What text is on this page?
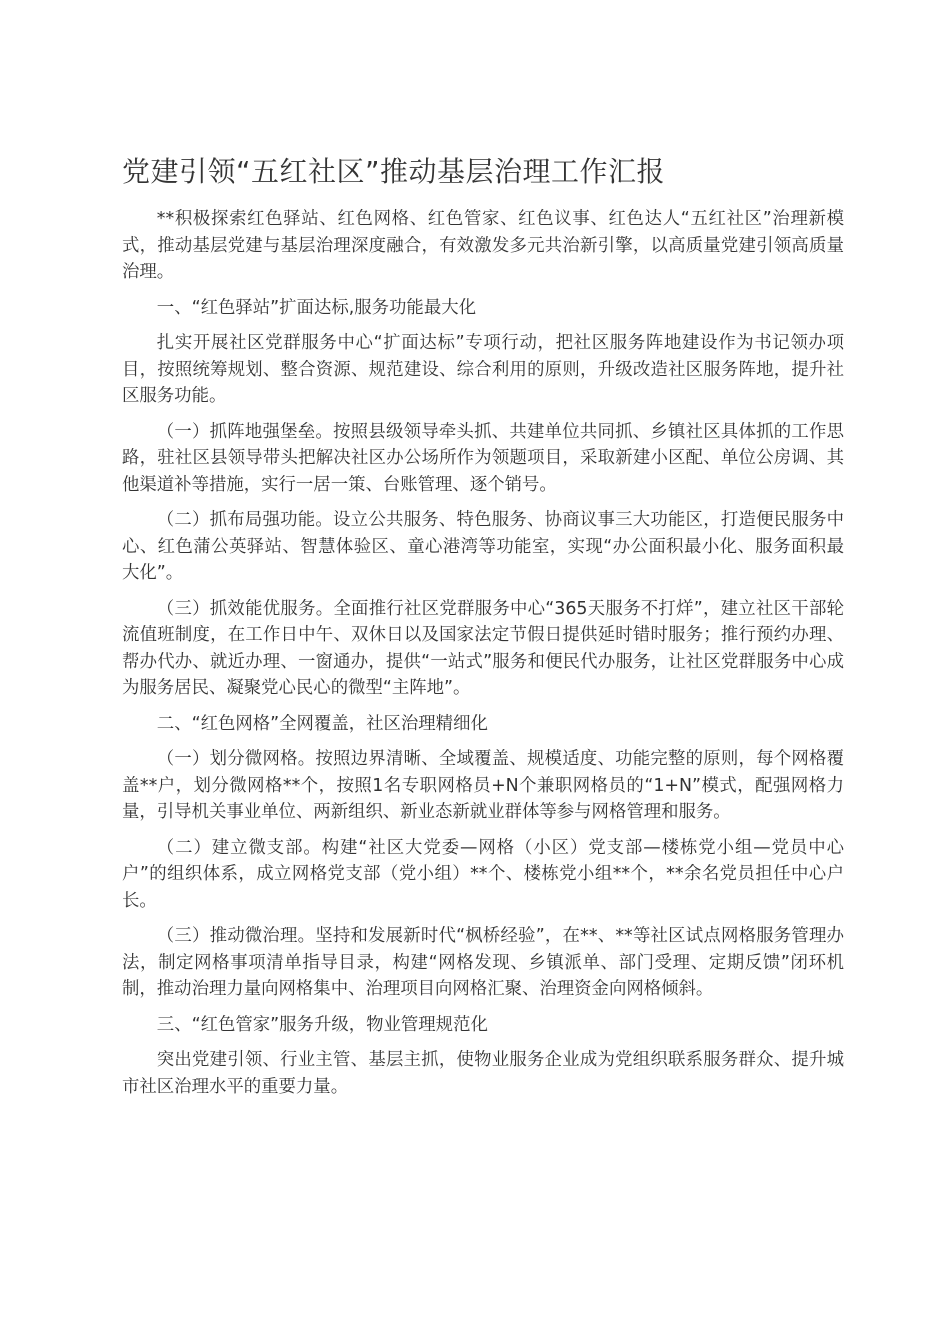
党建引领“五红社区”推动基层治理工作汇报

**积极探索红色驿站、红色网格、红色管家、红色议事、红色达人“五红社区”治理新模式，推动基层党建与基层治理深度融合，有效激发多元共治新引擎，以高质量党建引领高质量治理。

一、“红色驿站”扩面达标,服务功能最大化

扎实开展社区党群服务中心“扩面达标”专项行动，把社区服务阵地建设作为书记领办项目，按照统筹规划、整合资源、规范建设、综合利用的原则，升级改造社区服务阵地，提升社区服务功能。

（一）抓阵地强堡垒。按照县级领导牵头抓、共建单位共同抓、乡镇社区具体抓的工作思路，驻社区县领导带头把解决社区办公场所作为领题项目，采取新建小区配、单位公房调、其他渠道补等措施，实行一居一策、台账管理、逐个销号。

（二）抓布局强功能。设立公共服务、特色服务、协商议事三大功能区，打造便民服务中心、红色蒲公英驿站、智慧体验区、童心港湾等功能室，实现“办公面积最小化、服务面积最大化”。

（三）抓效能优服务。全面推行社区党群服务中心“365天服务不打烊”，建立社区干部轮流值班制度，在工作日中午、双休日以及国家法定节假日提供延时错时服务；推行预约办理、帮办代办、就近办理、一窗通办，提供“一站式”服务和便民代办服务，让社区党群服务中心成为服务居民、凝聚党心民心的微型“主阵地”。

二、“红色网格”全网覆盖，社区治理精细化

（一）划分微网格。按照边界清晰、全域覆盖、规模适度、功能完整的原则，每个网格覆盖**户，划分微网格**个，按照1名专职网格员+N个兼职网格员的“1+N”模式，配强网格力量，引导机关事业单位、两新组织、新业态新就业群体等参与网格管理和服务。

（二）建立微支部。构建“社区大党委—网格（小区）党支部—楼栋党小组—党员中心户”的组织体系，成立网格党支部（党小组）**个、楼栋党小组**个，**余名党员担任中心户长。

（三）推动微治理。坚持和发展新时代“枫桥经验”，在**、**等社区试点网格服务管理办法，制定网格事项清单指导目录，构建“网格发现、乡镇派单、部门受理、定期反馈”闭环机制，推动治理力量向网格集中、治理项目向网格汇聚、治理资金向网格倾斜。

三、“红色管家”服务升级，物业管理规范化

突出党建引领、行业主管、基层主抓，使物业服务企业成为党组织联系服务群众、提升城市社区治理水平的重要力量。
